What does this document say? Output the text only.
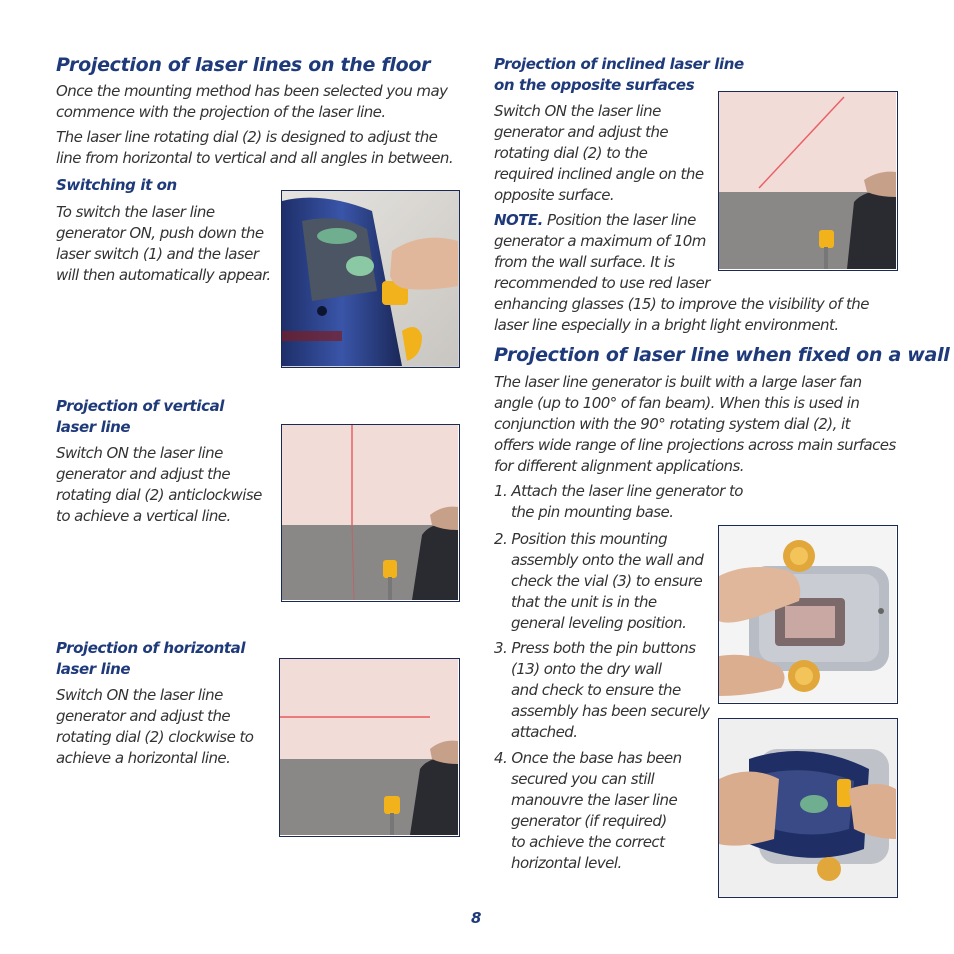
Projection of laser lines on the floor
Once the mounting method has been selected you may
commence with the projection of the laser line.
The laser line rotating dial (2) is designed to adjust the
line from horizontal to vertical and all angles in between.
Switching it on
To switch the laser line
generator ON, push down the
laser switch (1) and the laser
will then automatically appear.
Projection of vertical
laser line
Switch ON the laser line
generator and adjust the
rotating dial (2) anticlockwise
to achieve a vertical line.
Projection of horizontal
laser line
Switch ON the laser line
generator and adjust the
rotating dial (2) clockwise to
achieve a horizontal line.
Projection of inclined laser line
on the opposite surfaces
Switch ON the laser line
generator and adjust the
rotating dial (2) to the
required inclined angle on the
opposite surface.
NOTE. Position the laser line
generator a maximum of 10m
from the wall surface. It is
recommended to use red laser
enhancing glasses (15) to improve the visibility of the
laser line especially in a bright light environment.
Projection of laser line when fixed on a wall
The laser line generator is built with a large laser fan
angle (up to 100° of fan beam). When this is used in
conjunction with the 90° rotating system dial (2), it
offers wide range of line projections across main surfaces
for different alignment applications.
1. Attach the laser line generator to
the pin mounting base.
2. Position this mounting
assembly onto the wall and
check the vial (3) to ensure
that the unit is in the
general leveling position.
3. Press both the pin buttons
(13) onto the dry wall
and check to ensure the
assembly has been securely
attached.
4. Once the base has been
secured you can still
manouvre the laser line
generator (if required)
to achieve the correct
horizontal level.
8
